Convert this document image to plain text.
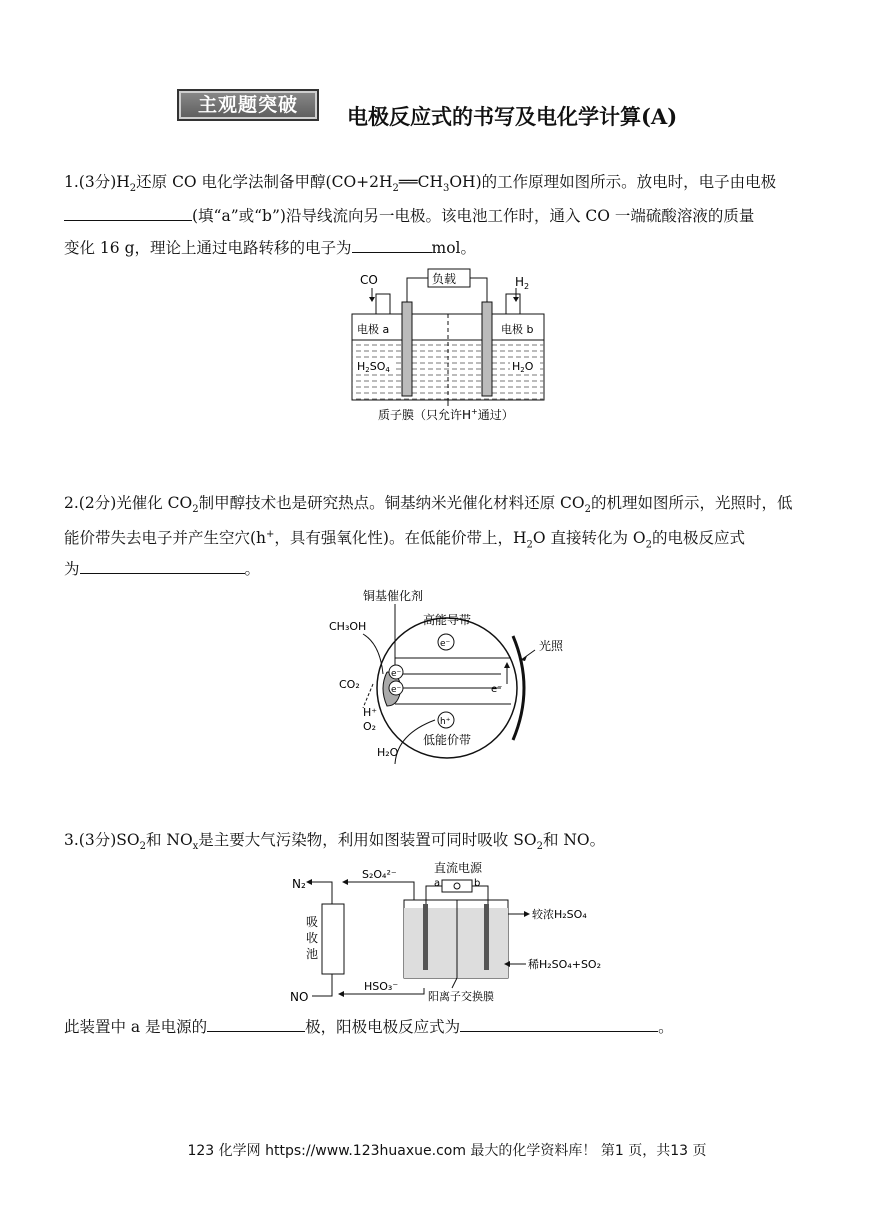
主观题突破	电极反应式的书写及电化学计算(A)
1.(3分)$H_2$还原 CO 电化学法制备甲醇$(CO+2H_2══CH_3OH)$的工作原理如图所示。放电时，电子由电极
(填“a”或“b”)沿导线流向另一电极。该电池工作时，通入 CO 一端硫酸溶液的质量
变化 16 g，理论上通过电路转移的电子为	mol。
CO	$H_2$
负载
电极 a	电极 b
H2SO4	H2O
质子膜（只允许H+通过）
2.(2分)光催化 $CO_2$制甲醇技术也是研究热点。铜基纳米光催化材料还原 $CO_2$的机理如图所示，光照时，低
能价带失去电子并产生空穴(h+，具有强氧化性)。在低能价带上，$H_2O$ 直接转化为 $O_2$的电极反应式
为	。
铜基催化剂
e⁻
e⁻
e⁻
h⁺
高能导带
低能价带
e⁻
光照
CH₃OH
CO₂
H⁺
O₂
H₂O
3.(3分)$SO_2$和 $NO_x$是主要大气污染物，利用如图装置可同时吸收 $SO_2$和 NO。
N₂
吸
收
池
NO
S₂O₄²⁻
HSO₃⁻
直流电源
a	b
较浓H₂SO₄
稀H₂SO₄+SO₂
阳离子交换膜
此装置中 a 是电源的	极，阳极电极反应式为	。
123 化学网 https://www.123huaxue.com 最大的化学资料库！ 第1 页，共13 页
